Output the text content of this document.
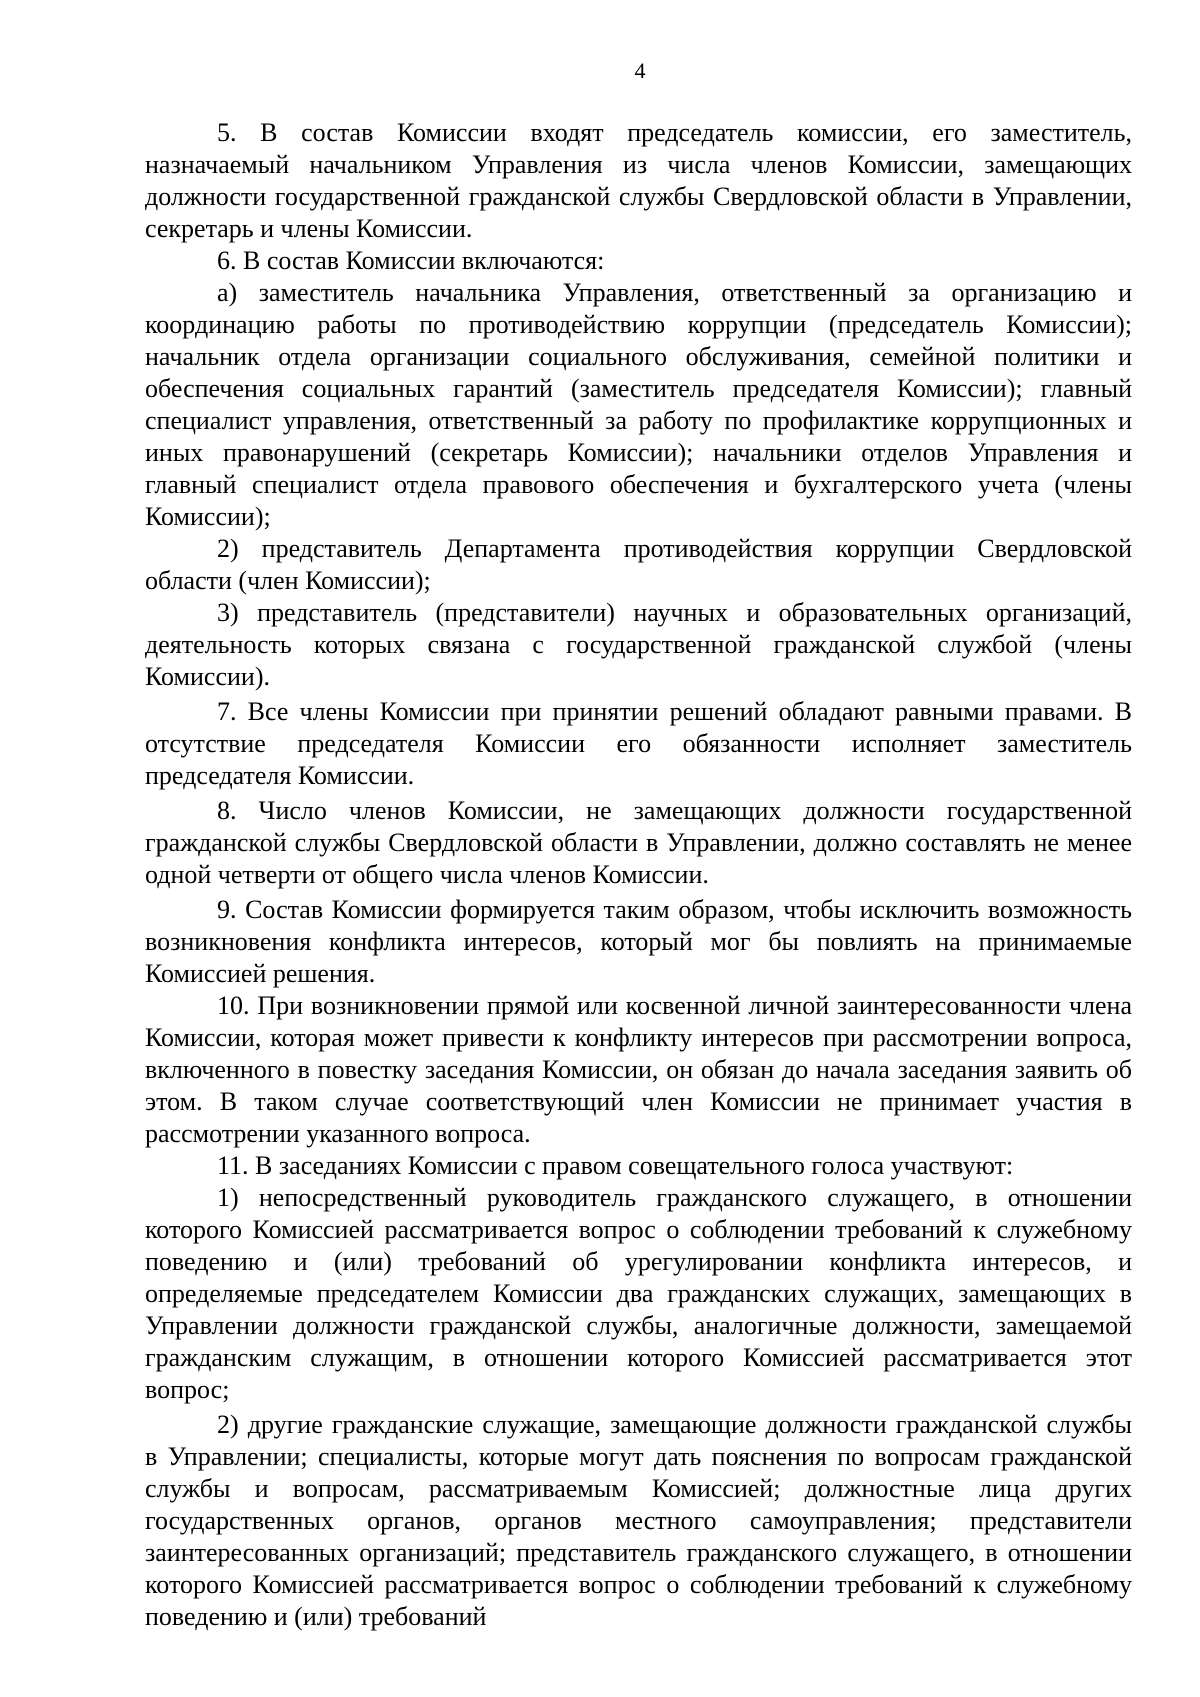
4

5. В состав Комиссии входят председатель комиссии, его заместитель, назначаемый начальником Управления из числа членов Комиссии, замещающих должности государственной гражданской службы Свердловской области в Управлении, секретарь и члены Комиссии.

6. В состав Комиссии включаются:

а) заместитель начальника Управления, ответственный за организацию и координацию работы по противодействию коррупции (председатель Комиссии); начальник отдела организации социального обслуживания, семейной политики и обеспечения социальных гарантий (заместитель председателя Комиссии); главный специалист управления, ответственный за работу по профилактике коррупционных и иных правонарушений (секретарь Комиссии); начальники отделов Управления и главный специалист отдела правового обеспечения и бухгалтерского учета (члены Комиссии);

2) представитель Департамента противодействия коррупции Свердловской области (член Комиссии);

3) представитель (представители) научных и образовательных организаций, деятельность которых связана с государственной гражданской службой (члены Комиссии).

7. Все члены Комиссии при принятии решений обладают равными правами. В отсутствие председателя Комиссии его обязанности исполняет заместитель председателя Комиссии.

8. Число членов Комиссии, не замещающих должности государственной гражданской службы Свердловской области в Управлении, должно составлять не менее одной четверти от общего числа членов Комиссии.

9. Состав Комиссии формируется таким образом, чтобы исключить возможность возникновения конфликта интересов, который мог бы повлиять на принимаемые Комиссией решения.

10. При возникновении прямой или косвенной личной заинтересованности члена Комиссии, которая может привести к конфликту интересов при рассмотрении вопроса, включенного в повестку заседания Комиссии, он обязан до начала заседания заявить об этом. В таком случае соответствующий член Комиссии не принимает участия в рассмотрении указанного вопроса.

11. В заседаниях Комиссии с правом совещательного голоса участвуют:

1) непосредственный руководитель гражданского служащего, в отношении которого Комиссией рассматривается вопрос о соблюдении требований к служебному поведению и (или) требований об урегулировании конфликта интересов, и определяемые председателем Комиссии два гражданских служащих, замещающих в Управлении должности гражданской службы, аналогичные должности, замещаемой гражданским служащим, в отношении которого Комиссией рассматривается этот вопрос;

2) другие гражданские служащие, замещающие должности гражданской службы в Управлении; специалисты, которые могут дать пояснения по вопросам гражданской службы и вопросам, рассматриваемым Комиссией; должностные лица других государственных органов, органов местного самоуправления; представители заинтересованных организаций; представитель гражданского служащего, в отношении которого Комиссией рассматривается вопрос о соблюдении требований к служебному поведению и (или) требований
